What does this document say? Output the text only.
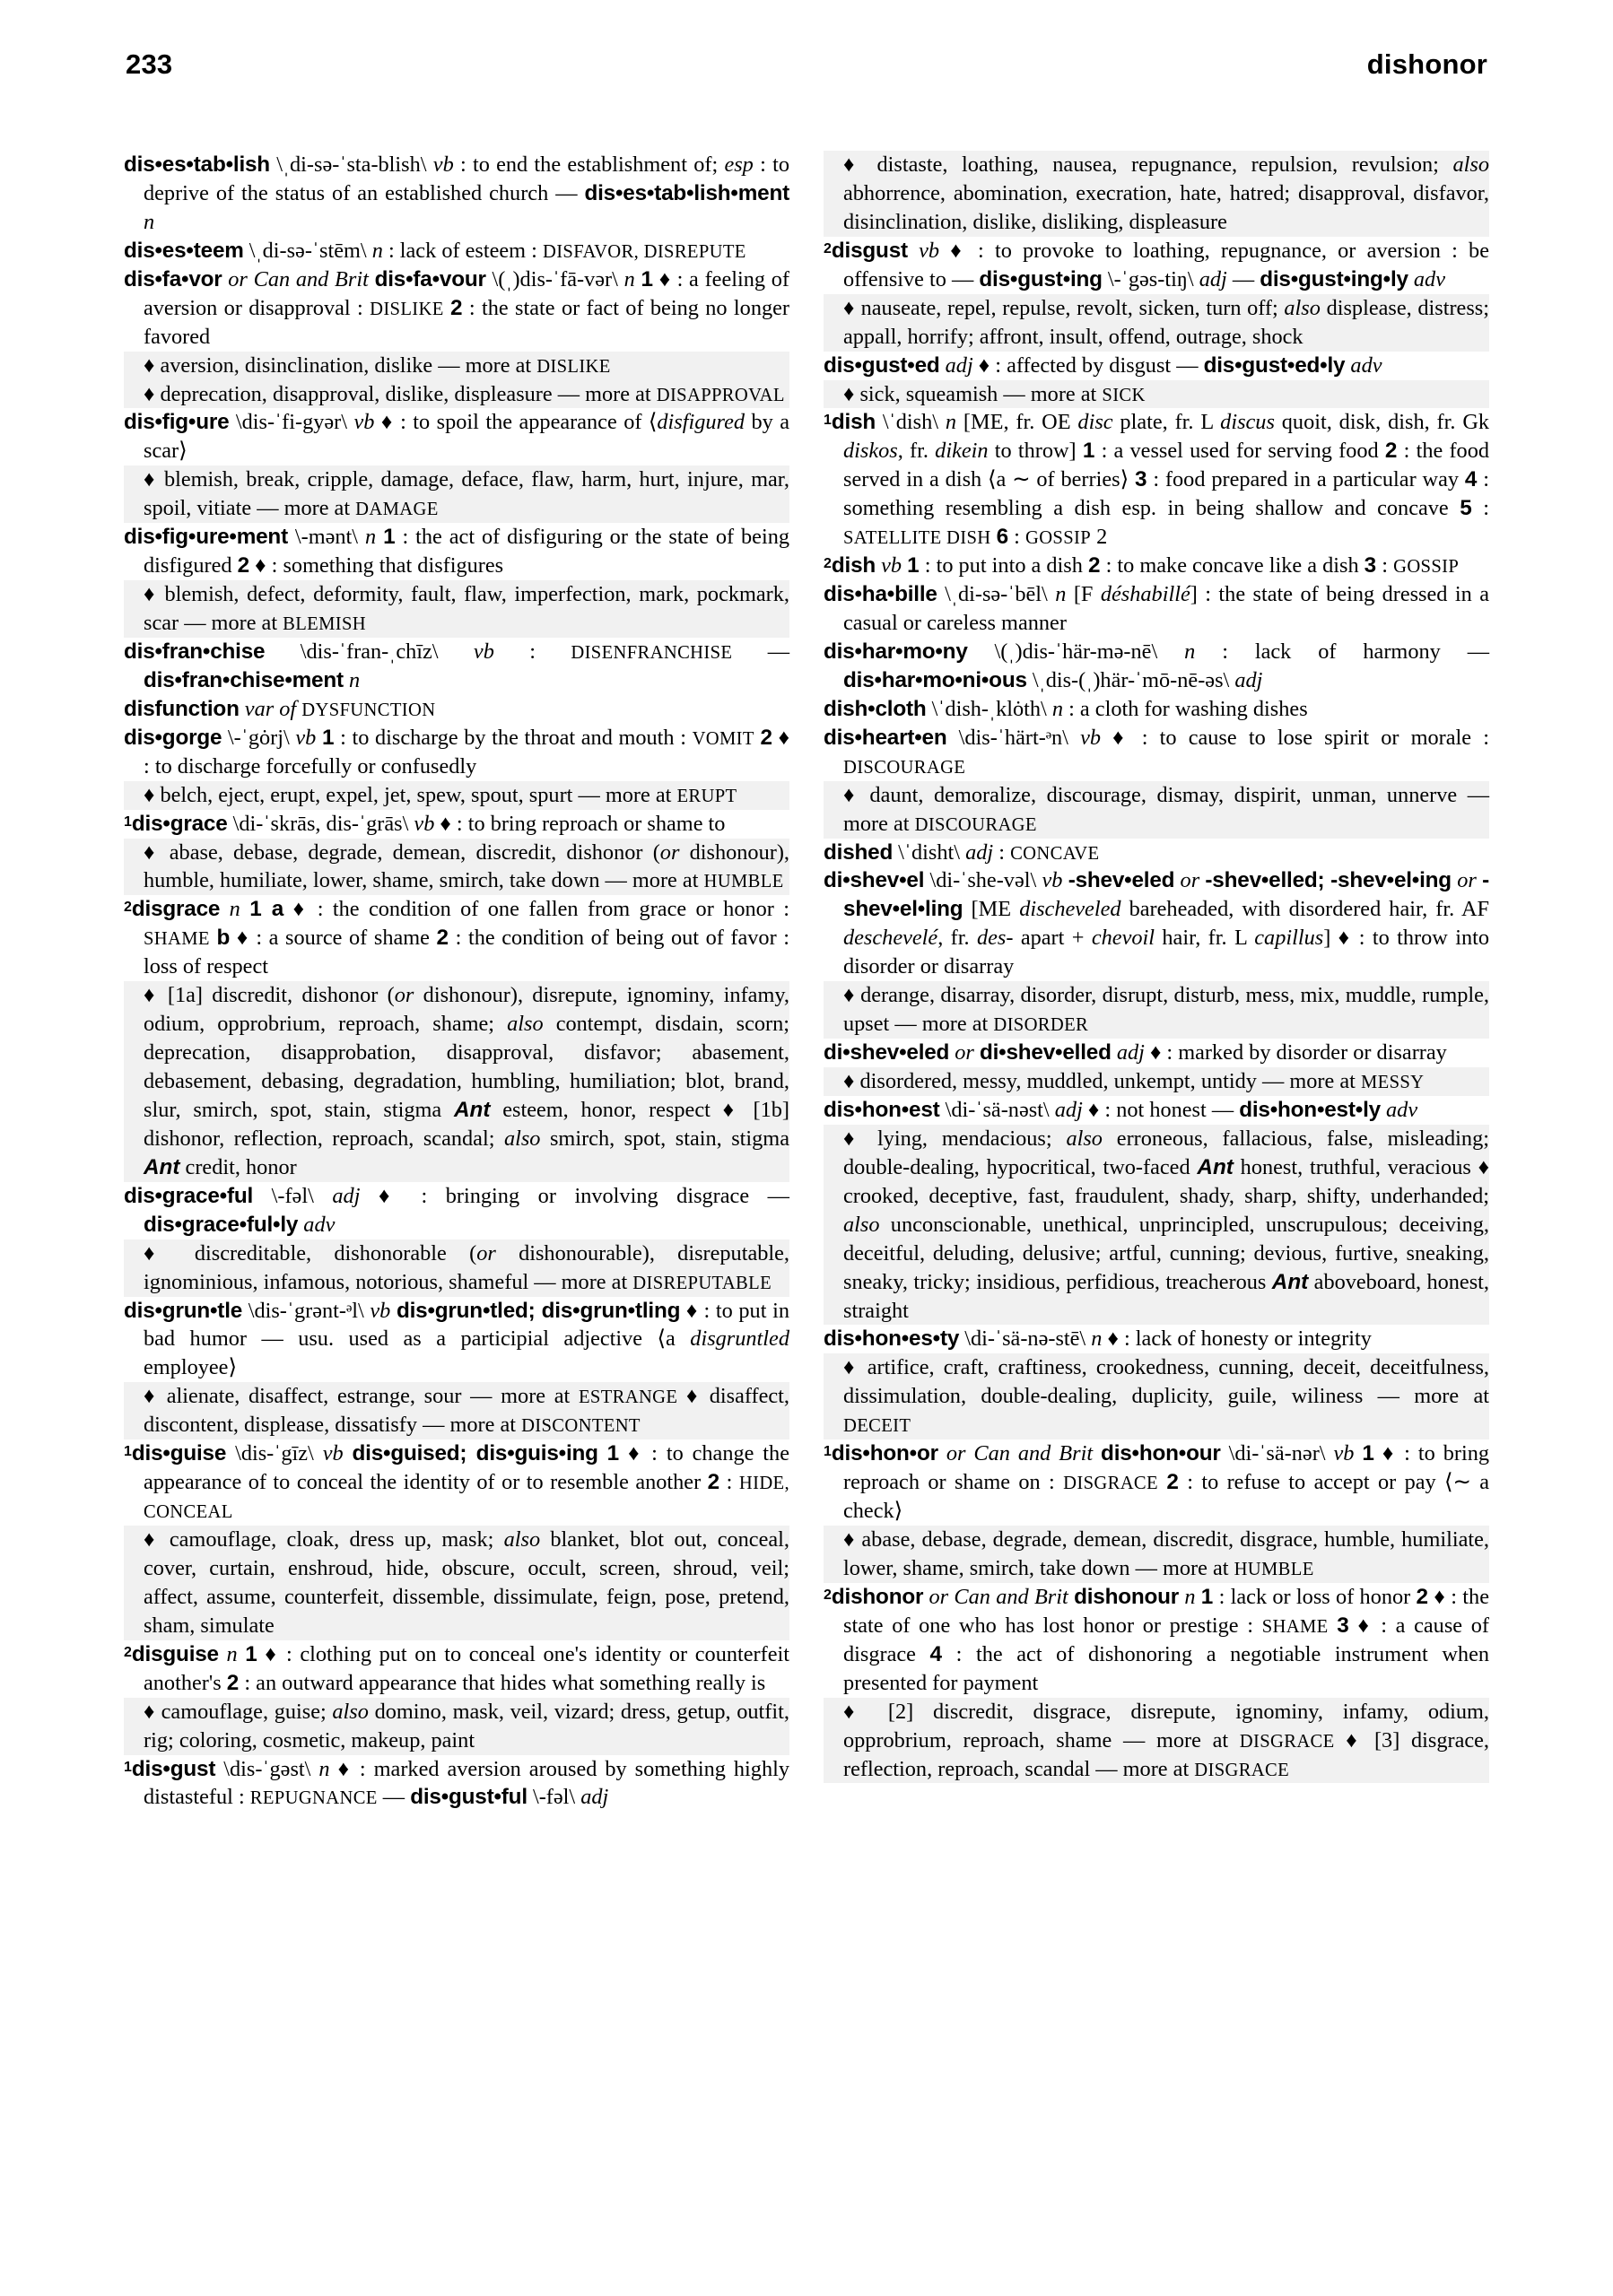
233	dishonor
dis•es•tab•lish \ˌdi-sə-ˈsta-blish\ vb : to end the establishment of; esp : to deprive of the status of an established church — dis•es•tab•lish•ment n
dis•es•teem \ˌdi-sə-ˈstēm\ n : lack of esteem : DISFAVOR, DISREPUTE
dis•fa•vor or Can and Brit dis•fa•vour \(ˌ)dis-ˈfā-vər\ n 1 ♦ : a feeling of aversion or disapproval : DISLIKE 2 : the state or fact of being no longer favored
♦ aversion, disinclination, dislike — more at DISLIKE
♦ deprecation, disapproval, dislike, displeasure — more at DISAPPROVAL
dis•fig•ure \dis-ˈfi-gyər\ vb ♦ : to spoil the appearance of ⟨disfigured by a scar⟩
♦ blemish, break, cripple, damage, deface, flaw, harm, hurt, injure, mar, spoil, vitiate — more at DAMAGE
dis•fig•ure•ment \-mənt\ n 1 : the act of disfiguring or the state of being disfigured 2 ♦ : something that disfigures
♦ blemish, defect, deformity, fault, flaw, imperfection, mark, pockmark, scar — more at BLEMISH
dis•fran•chise \dis-ˈfran-ˌchīz\ vb : DISENFRANCHISE — dis•fran•chise•ment n
disfunction var of DYSFUNCTION
dis•gorge \-ˈgȯrj\ vb 1 : to discharge by the throat and mouth : VOMIT 2 ♦ : to discharge forcefully or confusedly
♦ belch, eject, erupt, expel, jet, spew, spout, spurt — more at ERUPT
$^1$dis•grace \di-ˈskrās, dis-ˈgrās\ vb ♦ : to bring reproach or shame to
♦ abase, debase, degrade, demean, discredit, dishonor (or dishonour), humble, humiliate, lower, shame, smirch, take down — more at HUMBLE
$^2$disgrace n 1 a ♦ : the condition of one fallen from grace or honor : SHAME b ♦ : a source of shame 2 : the condition of being out of favor : loss of respect
♦ [1a] discredit, dishonor (or dishonour), disrepute, ignominy, infamy, odium, opprobrium, reproach, shame; also contempt, disdain, scorn; deprecation, disapprobation, disapproval, disfavor; abasement, debasement, debasing, degradation, humbling, humiliation; blot, brand, slur, smirch, spot, stain, stigma Ant esteem, honor, respect ♦ [1b] dishonor, reflection, reproach, scandal; also smirch, spot, stain, stigma Ant credit, honor
dis•grace•ful \-fəl\ adj ♦ : bringing or involving disgrace — dis•grace•ful•ly adv
♦ discreditable, dishonorable (or dishonourable), disreputable, ignominious, infamous, notorious, shameful — more at DISREPUTABLE
dis•grun•tle \dis-ˈgrənt-ᵊl\ vb dis•grun•tled; dis•grun•tling ♦ : to put in bad humor — usu. used as a participial adjective ⟨a disgruntled employee⟩
♦ alienate, disaffect, estrange, sour — more at ESTRANGE ♦ disaffect, discontent, displease, dissatisfy — more at DISCONTENT
$^1$dis•guise \dis-ˈgīz\ vb dis•guised; dis•guis•ing 1 ♦ : to change the appearance of to conceal the identity of or to resemble another 2 : HIDE, CONCEAL
♦ camouflage, cloak, dress up, mask; also blanket, blot out, conceal, cover, curtain, enshroud, hide, obscure, occult, screen, shroud, veil; affect, assume, counterfeit, dissemble, dissimulate, feign, pose, pretend, sham, simulate
$^2$disguise n 1 ♦ : clothing put on to conceal one's identity or counterfeit another's 2 : an outward appearance that hides what something really is
♦ camouflage, guise; also domino, mask, veil, vizard; dress, getup, outfit, rig; coloring, cosmetic, makeup, paint
$^1$dis•gust \dis-ˈgəst\ n ♦ : marked aversion aroused by something highly distasteful : REPUGNANCE — dis•gust•ful \-fəl\ adj
♦ distaste, loathing, nausea, repugnance, repulsion, revulsion; also abhorrence, abomination, execration, hate, hatred; disapproval, disfavor, disinclination, dislike, disliking, displeasure
$^2$disgust vb ♦ : to provoke to loathing, repugnance, or aversion : be offensive to — dis•gust•ing \-ˈgəs-tiŋ\ adj — dis•gust•ing•ly adv
♦ nauseate, repel, repulse, revolt, sicken, turn off; also displease, distress; appall, horrify; affront, insult, offend, outrage, shock
dis•gust•ed adj ♦ : affected by disgust — dis•gust•ed•ly adv
♦ sick, squeamish — more at SICK
$^1$dish \ˈdish\ n [ME, fr. OE disc plate, fr. L discus quoit, disk, dish, fr. Gk diskos, fr. dikein to throw] 1 : a vessel used for serving food 2 : the food served in a dish ⟨a ∼ of berries⟩ 3 : food prepared in a particular way 4 : something resembling a dish esp. in being shallow and concave 5 : SATELLITE DISH 6 : GOSSIP 2
$^2$dish vb 1 : to put into a dish 2 : to make concave like a dish 3 : GOSSIP
dis•ha•bille \ˌdi-sə-ˈbēl\ n [F déshabillé] : the state of being dressed in a casual or careless manner
dis•har•mo•ny \(ˌ)dis-ˈhär-mə-nē\ n : lack of harmony — dis•har•mo•ni•ous \ˌdis-(ˌ)här-ˈmō-nē-əs\ adj
dish•cloth \ˈdish-ˌklȯth\ n : a cloth for washing dishes
dis•heart•en \dis-ˈhärt-ᵊn\ vb ♦ : to cause to lose spirit or morale : DISCOURAGE
♦ daunt, demoralize, discourage, dismay, dispirit, unman, unnerve — more at DISCOURAGE
dished \ˈdisht\ adj : CONCAVE
di•shev•el \di-ˈshe-vəl\ vb -shev•eled or -shev•elled; -shev•el•ing or -shev•el•ling [ME discheveled bareheaded, with disordered hair, fr. AF deschevelé, fr. des- apart + chevoil hair, fr. L capillus] ♦ : to throw into disorder or disarray
♦ derange, disarray, disorder, disrupt, disturb, mess, mix, muddle, rumple, upset — more at DISORDER
di•shev•eled or di•shev•elled adj ♦ : marked by disorder or disarray
♦ disordered, messy, muddled, unkempt, untidy — more at MESSY
dis•hon•est \di-ˈsä-nəst\ adj ♦ : not honest — dis•hon•est•ly adv
♦ lying, mendacious; also erroneous, fallacious, false, misleading; double-dealing, hypocritical, two-faced Ant honest, truthful, veracious ♦ crooked, deceptive, fast, fraudulent, shady, sharp, shifty, underhanded; also unconscionable, unethical, unprincipled, unscrupulous; deceiving, deceitful, deluding, delusive; artful, cunning; devious, furtive, sneaking, sneaky, tricky; insidious, perfidious, treacherous Ant aboveboard, honest, straight
dis•hon•es•ty \di-ˈsä-nə-stē\ n ♦ : lack of honesty or integrity
♦ artifice, craft, craftiness, crookedness, cunning, deceit, deceitfulness, dissimulation, double-dealing, duplicity, guile, wiliness — more at DECEIT
$^1$dis•hon•or or Can and Brit dis•hon•our \di-ˈsä-nər\ vb 1 ♦ : to bring reproach or shame on : DISGRACE 2 : to refuse to accept or pay ⟨∼ a check⟩
♦ abase, debase, degrade, demean, discredit, disgrace, humble, humiliate, lower, shame, smirch, take down — more at HUMBLE
$^2$dishonor or Can and Brit dishonour n 1 : lack or loss of honor 2 ♦ : the state of one who has lost honor or prestige : SHAME 3 ♦ : a cause of disgrace 4 : the act of dishonoring a negotiable instrument when presented for payment
♦ [2] discredit, disgrace, disrepute, ignominy, infamy, odium, opprobrium, reproach, shame — more at DISGRACE ♦ [3] disgrace, reflection, reproach, scandal — more at DISGRACE
